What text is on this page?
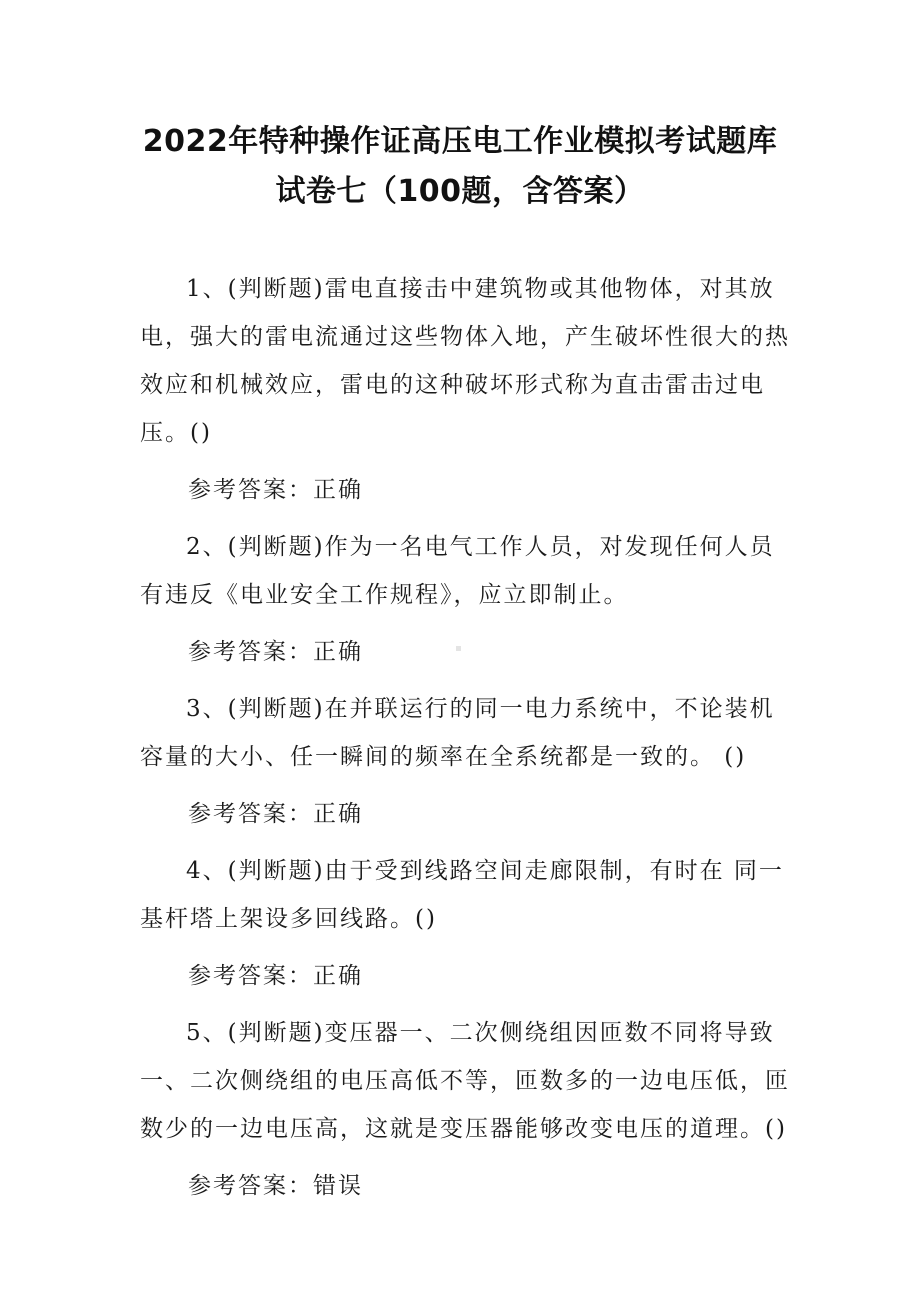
2022年特种操作证高压电工作业模拟考试题库
试卷七（100题，含答案）

1、(判断题)雷电直接击中建筑物或其他物体，对其放电，强大的雷电流通过这些物体入地，产生破坏性很大的热效应和机械效应，雷电的这种破坏形式称为直击雷击过电压。()

参考答案：正确

2、(判断题)作为一名电气工作人员，对发现任何人员有违反《电业安全工作规程》，应立即制止。

参考答案：正确

3、(判断题)在并联运行的同一电力系统中，不论装机容量的大小、任一瞬间的频率在全系统都是一致的。 ()

参考答案：正确

4、(判断题)由于受到线路空间走廊限制，有时在 同一基杆塔上架设多回线路。()

参考答案：正确

5、(判断题)变压器一、二次侧绕组因匝数不同将导致一、二次侧绕组的电压高低不等，匝数多的一边电压低，匝数少的一边电压高，这就是变压器能够改变电压的道理。()

参考答案：错误
